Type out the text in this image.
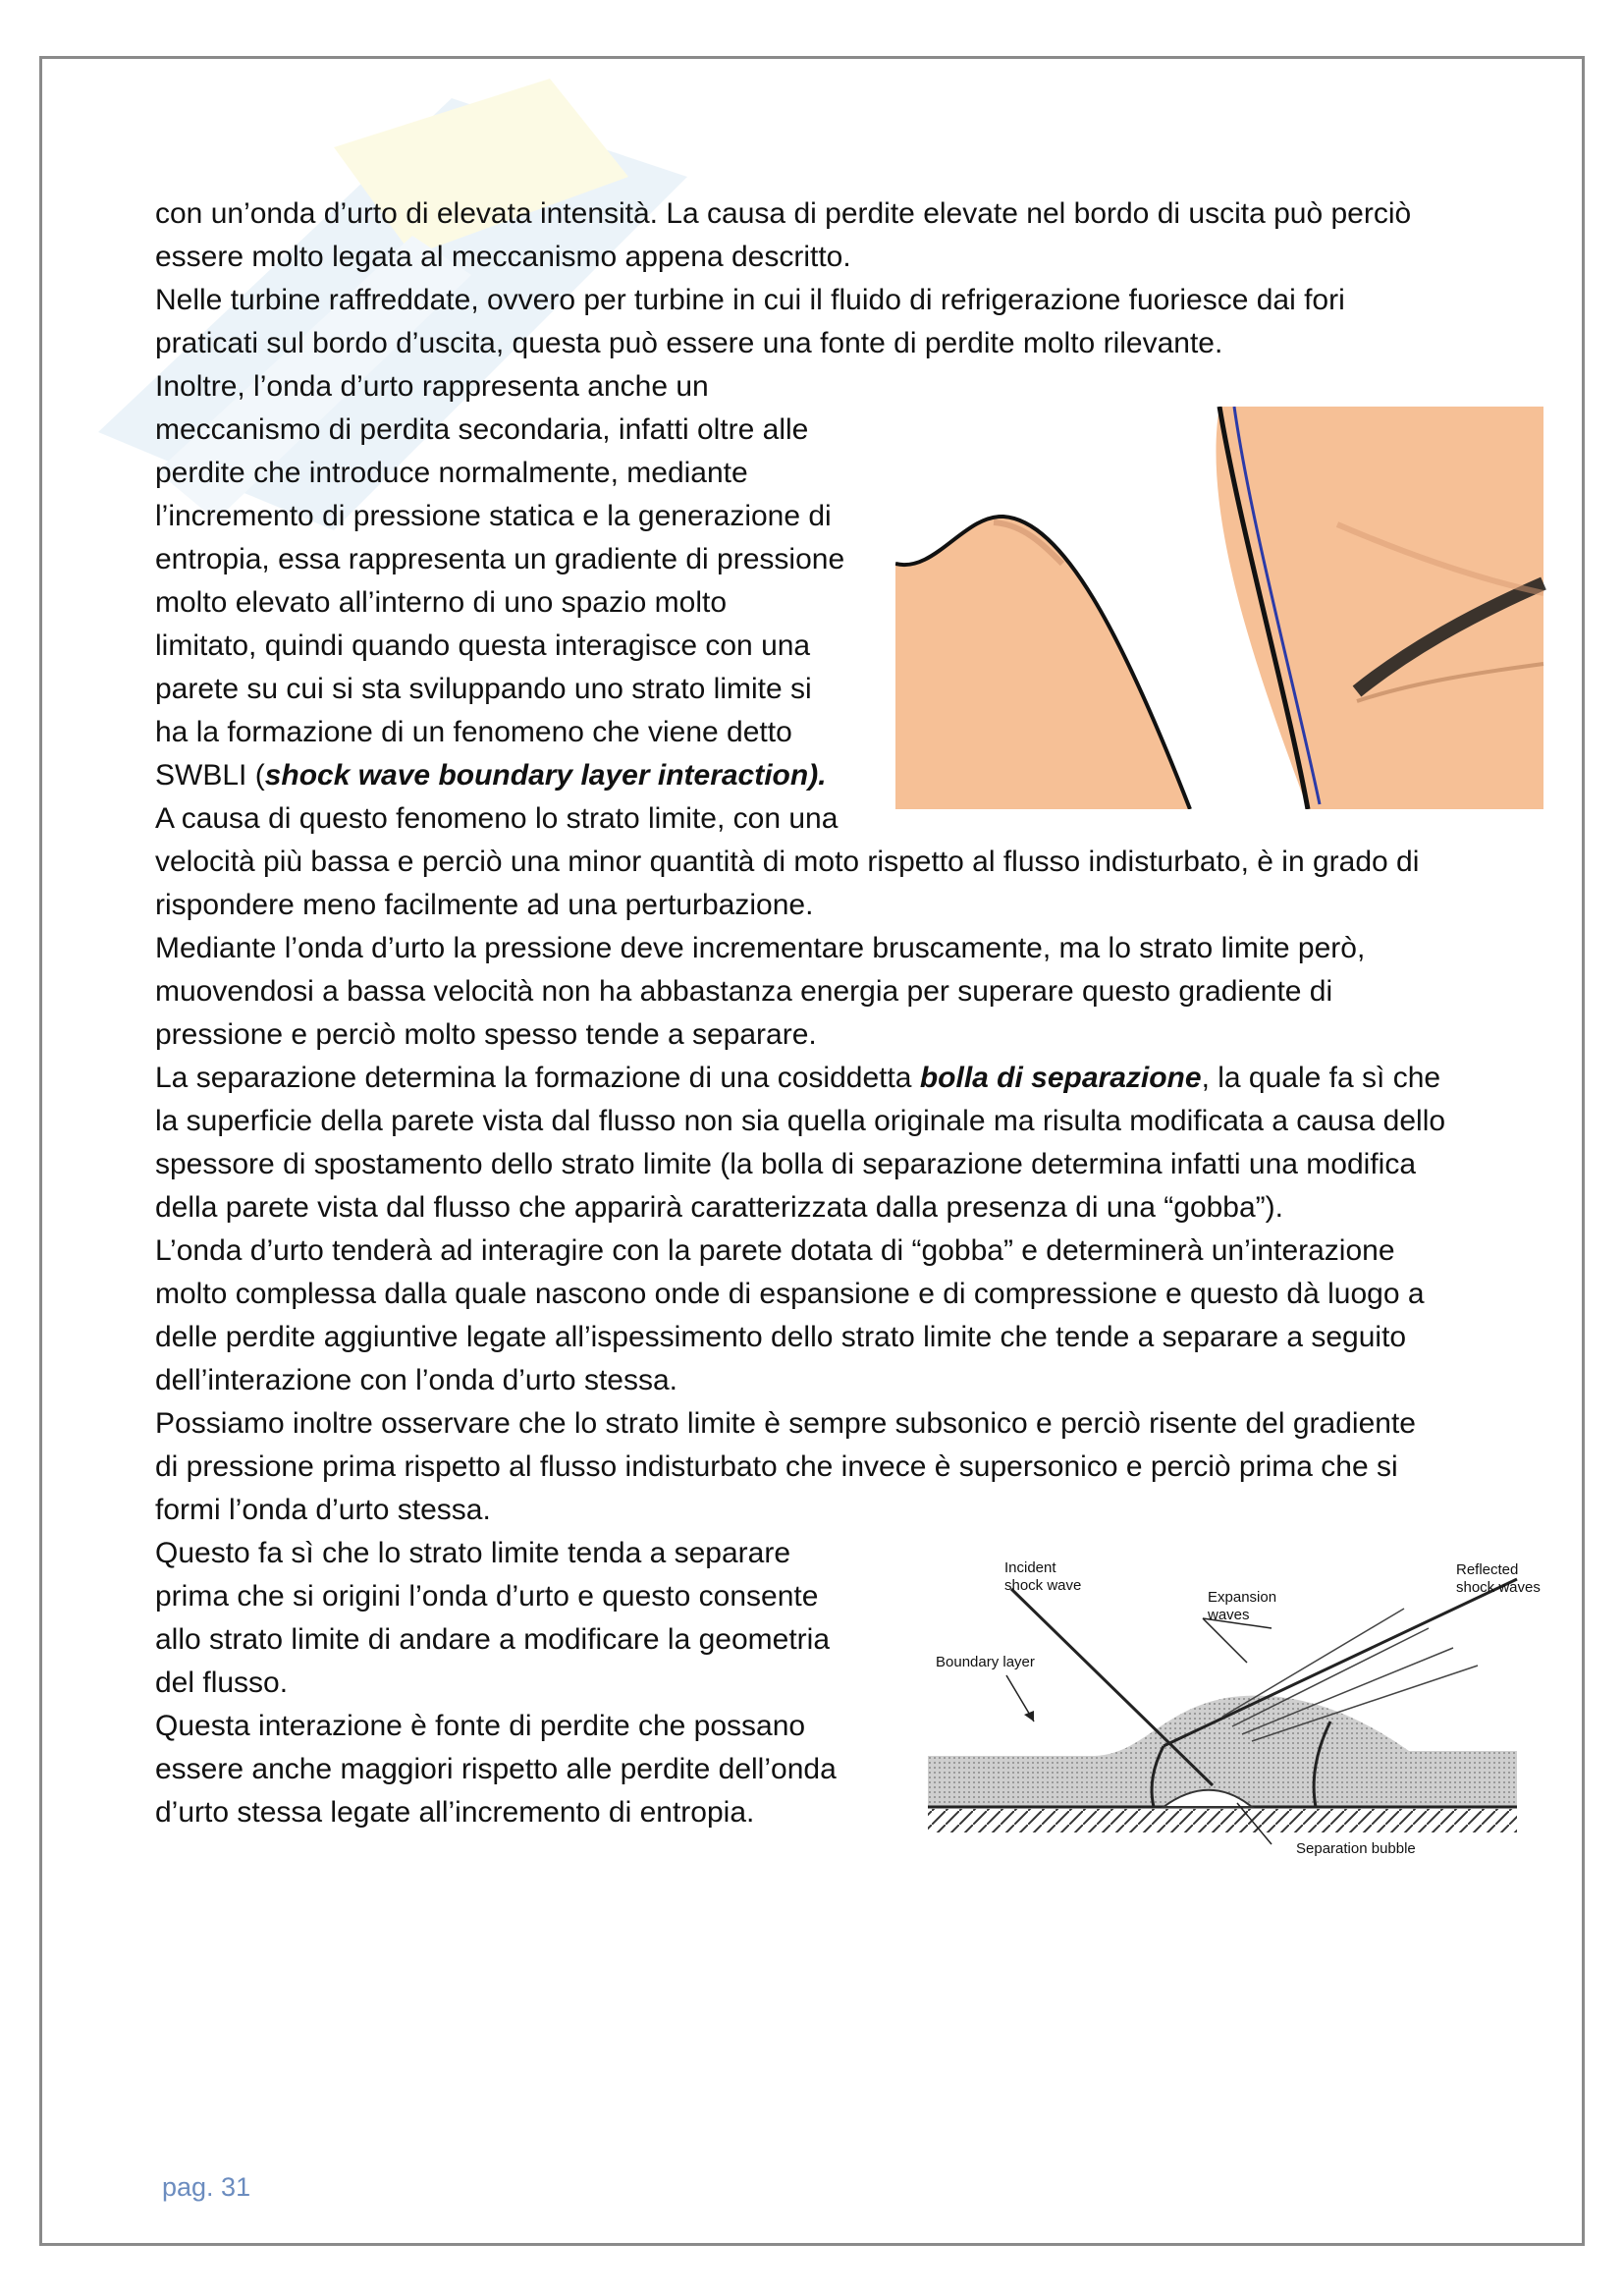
con un’onda d’urto di elevata intensità. La causa di perdite elevate nel bordo di uscita può perciò
essere molto legata al meccanismo appena descritto.
Nelle turbine raffreddate, ovvero per turbine in cui il fluido di refrigerazione fuoriesce dai fori
praticati sul bordo d’uscita, questa può essere una fonte di perdite molto rilevante.
Inoltre, l’onda d’urto rappresenta anche un
meccanismo di perdita secondaria, infatti oltre alle
perdite che introduce normalmente, mediante
l’incremento di pressione statica e la generazione di
entropia, essa rappresenta un gradiente di pressione
molto elevato all’interno di uno spazio molto
limitato, quindi quando questa interagisce con una
parete su cui si sta sviluppando uno strato limite si
ha la formazione di un fenomeno che viene detto
SWBLI (shock wave boundary layer interaction).
A causa di questo fenomeno lo strato limite, con una
velocità più bassa e perciò una minor quantità di moto rispetto al flusso indisturbato, è in grado di
rispondere meno facilmente ad una perturbazione.
Mediante l’onda d’urto la pressione deve incrementare bruscamente, ma lo strato limite però,
muovendosi a bassa velocità non ha abbastanza energia per superare questo gradiente di
pressione e perciò molto spesso tende a separare.
La separazione determina la formazione di una cosiddetta bolla di separazione, la quale fa sì che
la superficie della parete vista dal flusso non sia quella originale ma risulta modificata a causa dello
spessore di spostamento dello strato limite (la bolla di separazione determina infatti una modifica
della parete vista dal flusso che apparirà caratterizzata dalla presenza di una “gobba”).
L’onda d’urto tenderà ad interagire con la parete dotata di “gobba” e determinerà un’interazione
molto complessa dalla quale nascono onde di espansione e di compressione e questo dà luogo a
delle perdite aggiuntive legate all’ispessimento dello strato limite che tende a separare a seguito
dell’interazione con l’onda d’urto stessa.
Possiamo inoltre osservare che lo strato limite è sempre subsonico e perciò risente del gradiente
di pressione prima rispetto al flusso indisturbato che invece è supersonico e perciò prima che si
formi l’onda d’urto stessa.
Questo fa sì che lo strato limite tenda a separare
prima che si origini l’onda d’urto e questo consente
allo strato limite di andare a modificare la geometria
del flusso.
Questa interazione è fonte di perdite che possano
essere anche maggiori rispetto alle perdite dell’onda
d’urto stessa legate all’incremento di entropia.
Incident
shock wave
Expansion
waves
Reflected
shock waves
Boundary layer
Separation bubble
pag. 31
